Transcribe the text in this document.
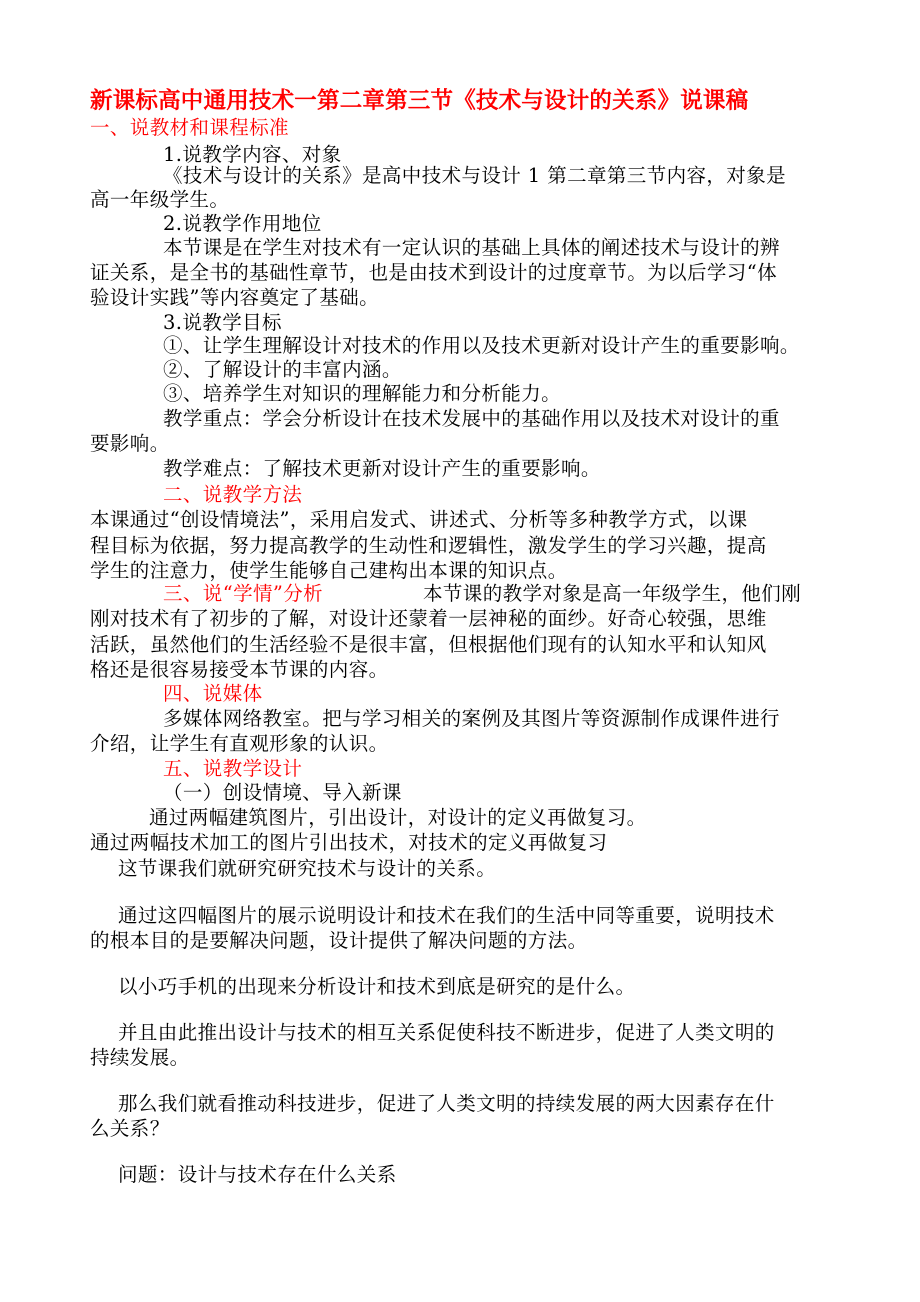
新课标高中通用技术一第二章第三节《技术与设计的关系》说课稿
一、说教材和课程标准
1.说教学内容、对象
《技术与设计的关系》是高中技术与设计 1 第二章第三节内容，对象是
高一年级学生。
2.说教学作用地位
本节课是在学生对技术有一定认识的基础上具体的阐述技术与设计的辨
证关系，是全书的基础性章节，也是由技术到设计的过度章节。为以后学习“体
验设计实践”等内容奠定了基础。
3.说教学目标
①、让学生理解设计对技术的作用以及技术更新对设计产生的重要影响。
②、了解设计的丰富内涵。
③、培养学生对知识的理解能力和分析能力。
教学重点：学会分析设计在技术发展中的基础作用以及技术对设计的重
要影响。
教学难点：了解技术更新对设计产生的重要影响。
二、说教学方法
本课通过“创设情境法”，采用启发式、讲述式、分析等多种教学方式，以课
程目标为依据，努力提高教学的生动性和逻辑性，激发学生的学习兴趣，提高
学生的注意力，使学生能够自己建构出本课的知识点。
三、说“学情”分析	本节课的教学对象是高一年级学生，他们刚
刚对技术有了初步的了解，对设计还蒙着一层神秘的面纱。好奇心较强，思维
活跃，虽然他们的生活经验不是很丰富，但根据他们现有的认知水平和认知风
格还是很容易接受本节课的内容。
四、说媒体
多媒体网络教室。把与学习相关的案例及其图片等资源制作成课件进行
介绍，让学生有直观形象的认识。
五、说教学设计
（一）创设情境、导入新课
通过两幅建筑图片，引出设计，对设计的定义再做复习。
通过两幅技术加工的图片引出技术，对技术的定义再做复习
这节课我们就研究研究技术与设计的关系。
通过这四幅图片的展示说明设计和技术在我们的生活中同等重要，说明技术
的根本目的是要解决问题，设计提供了解决问题的方法。
以小巧手机的出现来分析设计和技术到底是研究的是什么。
并且由此推出设计与技术的相互关系促使科技不断进步，促进了人类文明的
持续发展。
那么我们就看推动科技进步，促进了人类文明的持续发展的两大因素存在什
么关系？
问题：设计与技术存在什么关系
